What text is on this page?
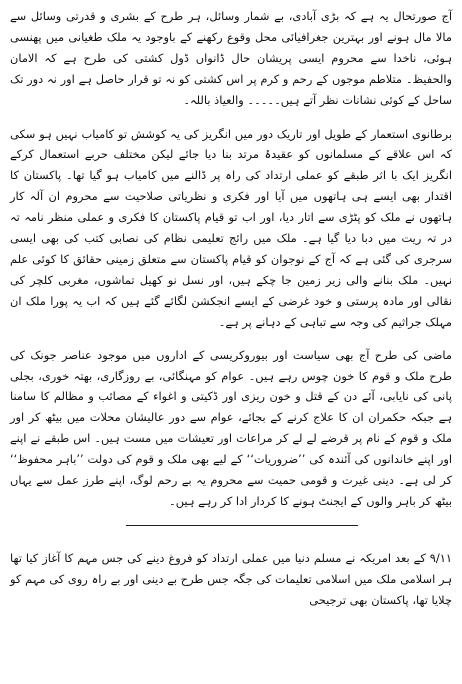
آج صورتحال یہ ہے کہ بڑی آبادی، بے شمار وسائل، ہر طرح کے بشری و قدرتی وسائل سے مالا مال ہونے اور بہترین جغرافیائی محل وقوع رکھنے کے باوجود یہ ملک طغیانی میں پھنسی ہوئی، ناخدا سے محروم ایسی پریشان حال ڈانواں ڈول کشتی کی طرح ہے کہ الامان والحفیظ۔ متلاطم موجوں کے رحم و کرم پر اس کشتی کو نہ تو قرار حاصل ہے اور نہ دور تک ساحل کے کوئی نشانات نظر آتے ہیں۔۔۔۔۔ والعیاذ باللہ۔

برطانوی استعمار کے طویل اور تاریک دور میں انگریز کی یہ کوشش تو کامیاب نہیں ہو سکی کہ اس علاقے کے مسلمانوں کو عقیدۂ مرتد بنا دیا جائے لیکن مختلف حربے استعمال کرکے انگریز ایک با اثر طبقے کو عملی ارتداد کی راہ پر ڈالنے میں کامیاب ہو گیا تھا۔ پاکستان کا اقتدار بھی ایسے ہی ہاتھوں میں آیا اور فکری و نظریاتی صلاحیت سے محروم ان آلہ کار ہاتھوں نے ملک کو پٹڑی سے اتار دیا، اور اب تو قیام پاکستان کا فکری و عملی منظر نامہ تہ در تہ ریت میں دبا دیا گیا ہے۔ ملک میں رائج تعلیمی نظام کی نصابی کتب کی بھی ایسی سرجری کی گئی ہے کہ آج کے نوجوان کو قیام پاکستان سے متعلق زمینی حقائق کا کوئی علم نہیں۔ ملک بنانے والی زیر زمین جا چکے ہیں، اور نسل نو کھیل تماشوں، مغربی کلچر کی نقالی اور مادہ پرستی و خود غرضی کے ایسے انجکشن لگائے گئے ہیں کہ اب یہ پورا ملک ان مہلک جراثیم کی وجہ سے تباہی کے دہانے پر ہے۔

ماضی کی طرح آج بھی سیاست اور بیوروکریسی کے اداروں میں موجود عناصر جونک کی طرح ملک و قوم کا خون چوس رہے ہیں۔ عوام کو مہنگائی، بے روزگاری، بھتہ خوری، بجلی پانی کی نایابی، آئے دن کے قتل و خون ریزی اور ڈکیتی و اغواء کے مصائب و مظالم کا سامنا ہے جبکہ حکمران ان کا علاج کرنے کے بجائے، عوام سے دور عالیشان محلات میں بیٹھ کر اور ملک و قوم کے نام پر قرضے لے لے کر مراعات اور تعیشات میں مست ہیں۔ اس طبقے نے اپنے اور اپنے خاندانوں کی آئندہ کی ’’ضروریات‘‘ کے لیے بھی ملک و قوم کی دولت ’’باہر محفوظ‘‘ کر لی ہے۔ دینی غیرت و قومی حمیت سے محروم یہ بے رحم لوگ، اپنے طرز عمل سے یہاں بیٹھ کر باہر والوں کے ایجنٹ ہونے کا کردار ادا کر رہے ہیں۔

۹/۱۱ کے بعد امریکہ نے مسلم دنیا میں عملی ارتداد کو فروغ دینے کی جس مہم کا آغاز کیا تھا ہر اسلامی ملک میں اسلامی تعلیمات کی جگہ جس طرح بے دینی اور بے راہ روی کی مہم کو چلایا تھا، پاکستان بھی ترجیحی
